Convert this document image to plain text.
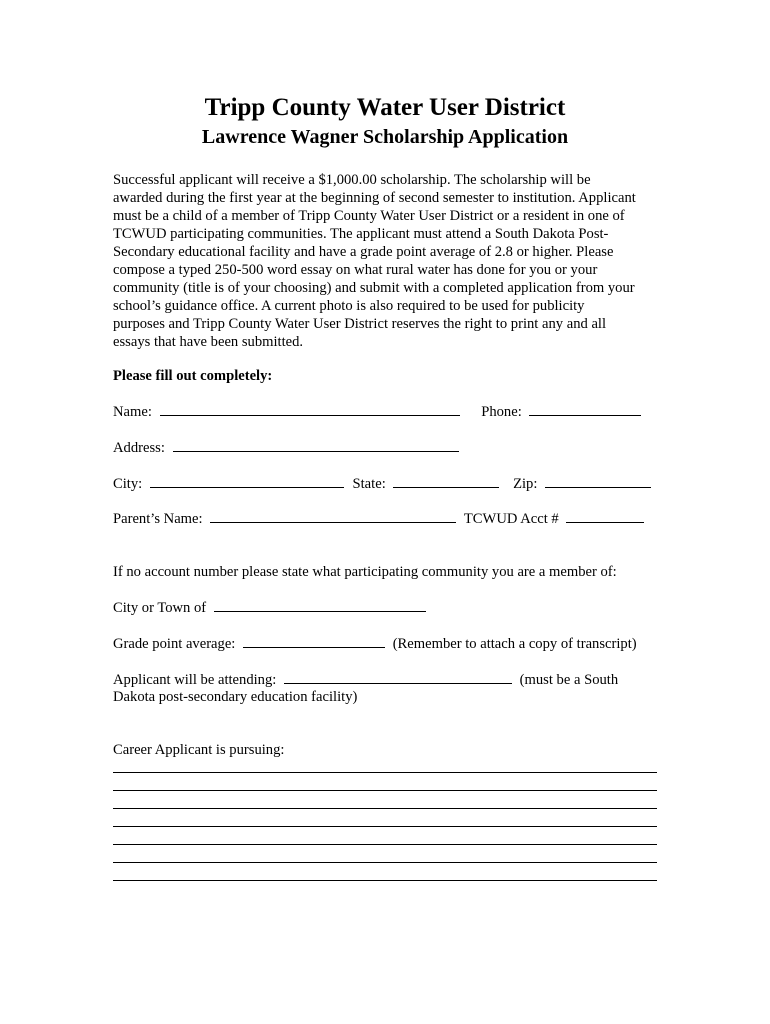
Tripp County Water User District
Lawrence Wagner Scholarship Application
Successful applicant will receive a $1,000.00 scholarship. The scholarship will be
awarded during the first year at the beginning of second semester to institution. Applicant
must be a child of a member of Tripp County Water User District or a resident in one of
TCWUD participating communities. The applicant must attend a South Dakota Post-
Secondary educational facility and have a grade point average of 2.8 or higher. Please
compose a typed 250-500 word essay on what rural water has done for you or your
community (title is of your choosing) and submit with a completed application from your
school’s guidance office. A current photo is also required to be used for publicity
purposes and Tripp County Water User District reserves the right to print any and all
essays that have been submitted.
Please fill out completely:
Name:	Phone:
Address:
City:	State:	Zip:
Parent’s Name:	TCWUD Acct #
If no account number please state what participating community you are a member of:
City or Town of
Grade point average:	(Remember to attach a copy of transcript)
Applicant will be attending:	(must be a South
Dakota post-secondary education facility)
Career Applicant is pursuing:
